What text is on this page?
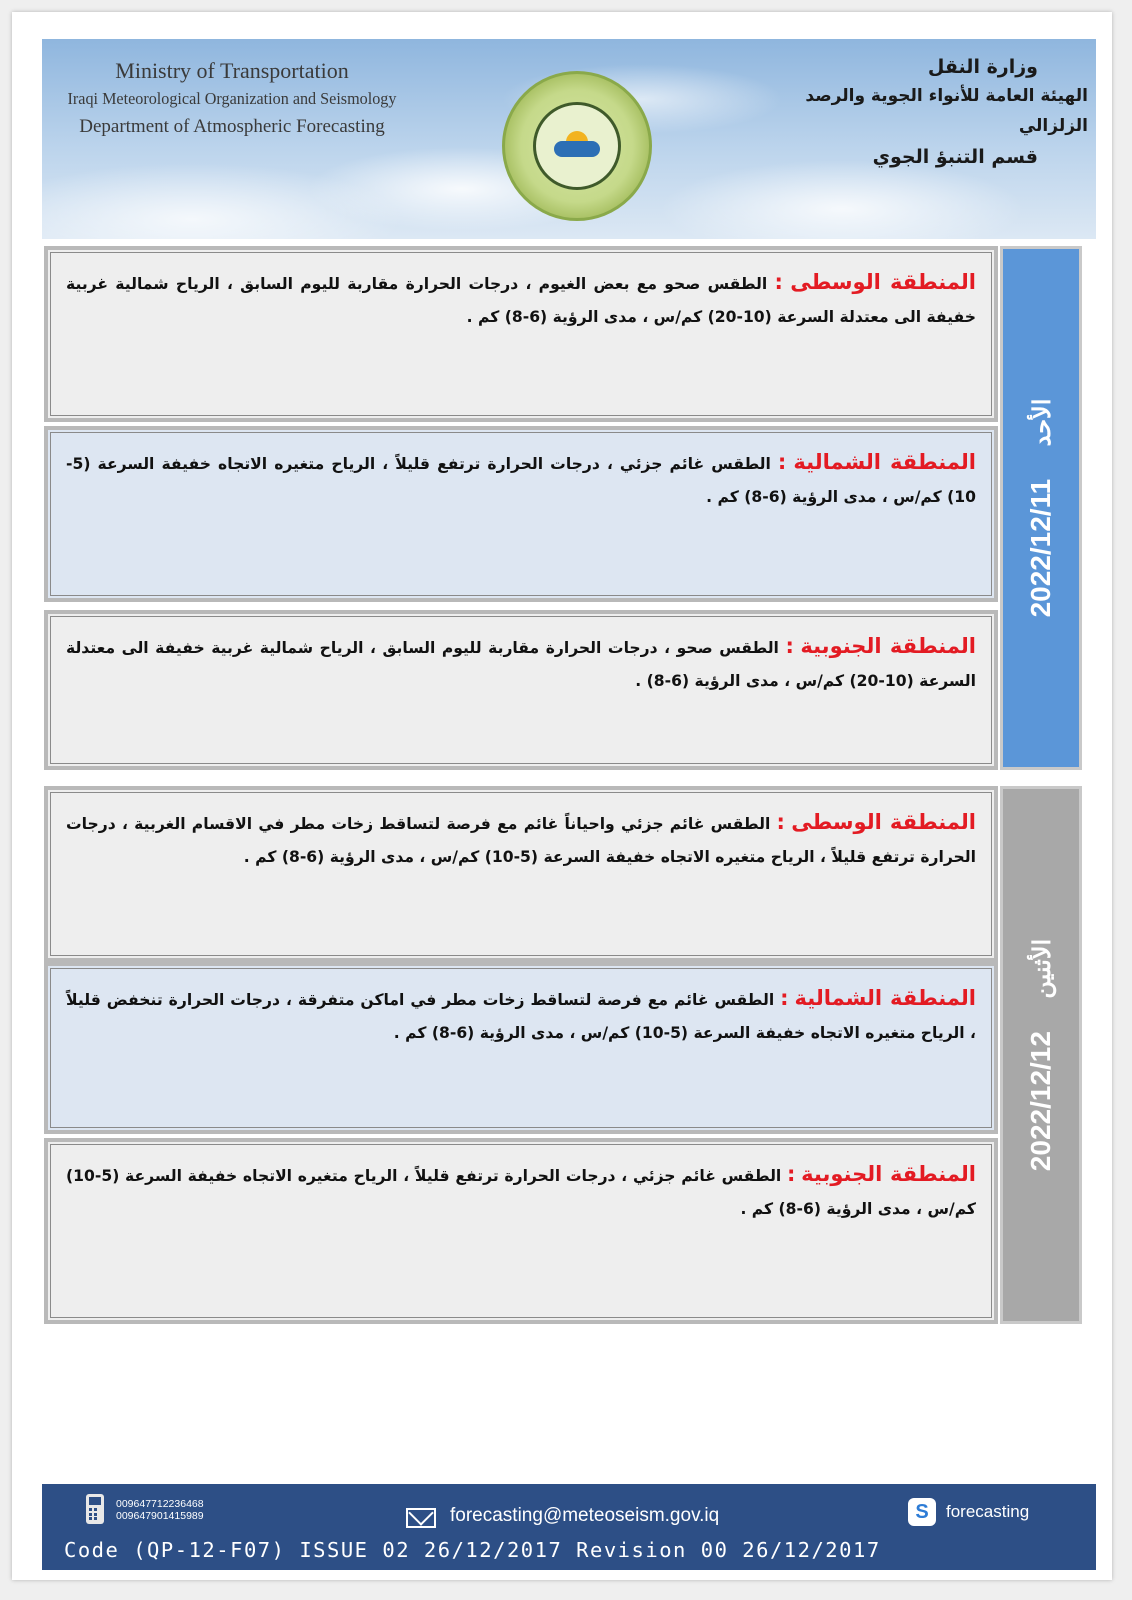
Ministry of Transportation
Iraqi Meteorological Organization and Seismology
Department of Atmospheric Forecasting
وزارة النقل
الهيئة العامة للأنواء الجوية والرصد الزلزالي
قسم التنبؤ الجوي
المنطقة الوسطى : الطقس صحو مع بعض الغيوم ، درجات الحرارة مقاربة لليوم السابق ، الرياح شمالية غربية خفيفة الى معتدلة السرعة (10-20) كم/س ، مدى الرؤية (6-8) كم .
المنطقة الشمالية : الطقس غائم جزئي ، درجات الحرارة ترتفع قليلاً ، الرياح متغيره الاتجاه خفيفة السرعة (5-10) كم/س ، مدى الرؤية (6-8) كم .
المنطقة الجنوبية : الطقس صحو ، درجات الحرارة مقاربة لليوم السابق ، الرياح شمالية غربية خفيفة الى معتدلة السرعة (10-20) كم/س ، مدى الرؤية (6-8) .
2022/12/11 الأحد
المنطقة الوسطى : الطقس غائم جزئي واحياناً غائم مع فرصة لتساقط زخات مطر في الاقسام الغربية ، درجات الحرارة ترتفع قليلاً ، الرياح متغيره الاتجاه خفيفة السرعة (5-10) كم/س ، مدى الرؤية (6-8) كم .
المنطقة الشمالية : الطقس غائم مع فرصة لتساقط زخات مطر في اماكن متفرقة ، درجات الحرارة تنخفض قليلاً ، الرياح متغيره الاتجاه خفيفة السرعة (5-10) كم/س ، مدى الرؤية (6-8) كم .
المنطقة الجنوبية : الطقس غائم جزئي ، درجات الحرارة ترتفع قليلاً ، الرياح متغيره الاتجاه خفيفة السرعة (5-10) كم/س ، مدى الرؤية (6-8) كم .
2022/12/12 الأثنين
009647712236468
009647901415989	forecasting@meteoseism.gov.iq	S	forecasting
Code (QP-12-F07) ISSUE 02 26/12/2017 Revision 00 26/12/2017
